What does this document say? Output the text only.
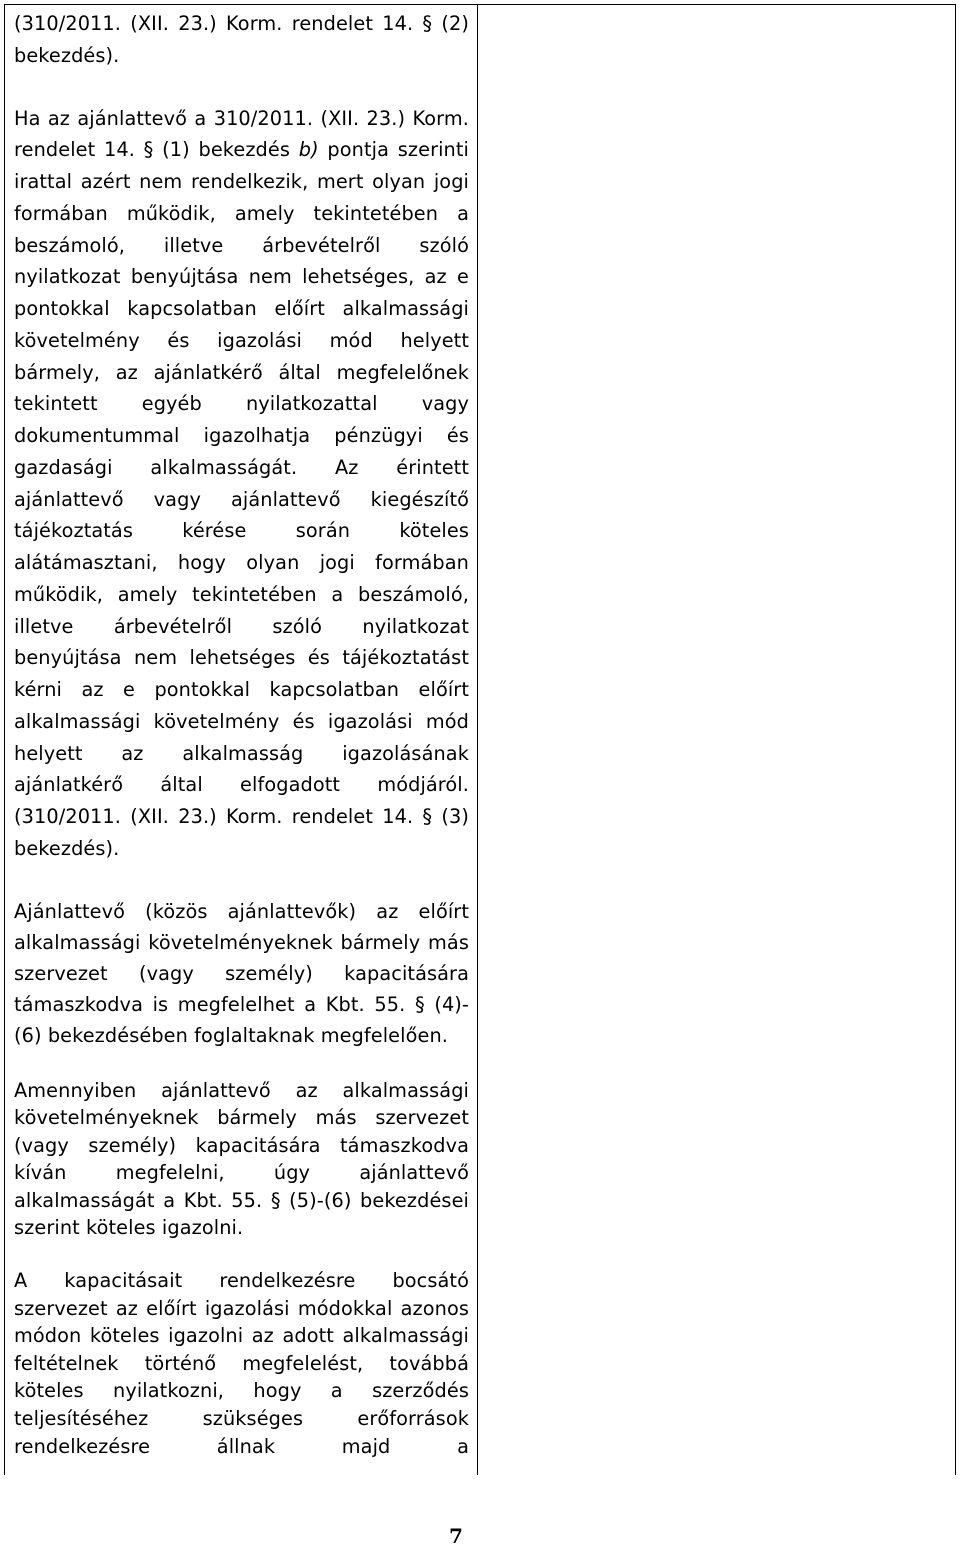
(310/2011. (XII. 23.) Korm. rendelet 14. § (2) bekezdés).

Ha az ajánlattevő a 310/2011. (XII. 23.) Korm. rendelet 14. § (1) bekezdés b) pontja szerinti irattal azért nem rendelkezik, mert olyan jogi formában működik, amely tekintetében a beszámoló, illetve árbevételről szóló nyilatkozat benyújtása nem lehetséges, az e pontokkal kapcsolatban előírt alkalmassági követelmény és igazolási mód helyett bármely, az ajánlatkérő által megfelelőnek tekintett egyéb nyilatkozattal vagy dokumentummal igazolhatja pénzügyi és gazdasági alkalmasságát. Az érintett ajánlattevő vagy ajánlattevő kiegészítő tájékoztatás kérése során köteles alátámasztani, hogy olyan jogi formában működik, amely tekintetében a beszámoló, illetve árbevételről szóló nyilatkozat benyújtása nem lehetséges és tájékoztatást kérni az e pontokkal kapcsolatban előírt alkalmassági követelmény és igazolási mód helyett az alkalmasság igazolásának ajánlatkérő által elfogadott módjáról. (310/2011. (XII. 23.) Korm. rendelet 14. § (3) bekezdés).

Ajánlattevő (közös ajánlattevők) az előírt alkalmassági követelményeknek bármely más szervezet (vagy személy) kapacitására támaszkodva is megfelelhet a Kbt. 55. § (4)-(6) bekezdésében foglaltaknak megfelelően.

Amennyiben ajánlattevő az alkalmassági követelményeknek bármely más szervezet (vagy személy) kapacitására támaszkodva kíván megfelelni, úgy ajánlattevő alkalmasságát a Kbt. 55. § (5)-(6) bekezdései szerint köteles igazolni.

A kapacitásait rendelkezésre bocsátó szervezet az előírt igazolási módokkal azonos módon köteles igazolni az adott alkalmassági feltételnek történő megfelelést, továbbá köteles nyilatkozni, hogy a szerződés teljesítéséhez szükséges erőforrások rendelkezésre állnak majd a

7
